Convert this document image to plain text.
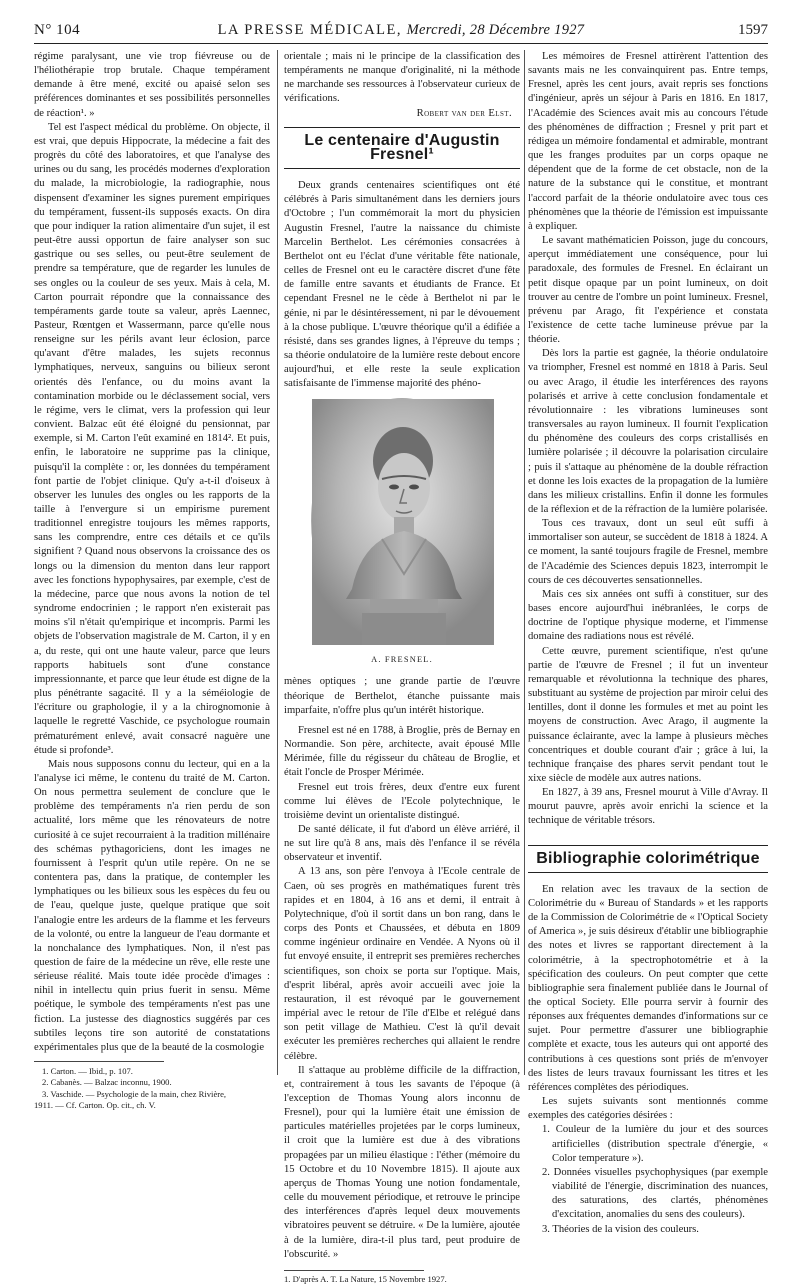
N° 104	LA PRESSE MÉDICALE, Mercredi, 28 Décembre 1927	1597

régime paralysant, une vie trop fiévreuse ou de l'héliothérapie trop brutale. Chaque tempérament demande à être mené, excité ou apaisé selon ses préférences dominantes et ses possibilités personnelles de réaction¹. »

Tel est l'aspect médical du problème. On objecte, il est vrai, que depuis Hippocrate, la médecine a fait des progrès du côté des laboratoires, et que l'analyse des urines ou du sang, les procédés modernes d'exploration du malade, la microbiologie, la radiographie, nous dispensent d'examiner les signes purement empiriques du tempérament, fussent-ils supposés exacts. On dira que pour indiquer la ration alimentaire d'un sujet, il est peut-être aussi opportun de faire analyser son suc gastrique ou ses selles, ou peut-être seulement de prendre sa température, que de regarder les lunules de ses ongles ou la couleur de ses yeux. Mais à cela, M. Carton pourrait répondre que la connaissance des tempéraments garde toute sa valeur, après Laennec, Pasteur, Rœntgen et Wassermann, parce qu'elle nous renseigne sur les périls avant leur éclosion, parce qu'avant d'être malades, les sujets reconnus lymphatiques, nerveux, sanguins ou bilieux seront orientés dès l'enfance, ou du moins avant la contamination morbide ou le déclassement social, vers le régime, vers le climat, vers la profession qui leur convient. Balzac eût été éloigné du pensionnat, par exemple, si M. Carton l'eût examiné en 1814². Et puis, enfin, le laboratoire ne supprime pas la clinique, puisqu'il la complète : or, les données du tempérament font partie de l'objet clinique. Qu'y a-t-il d'oiseux à observer les lunules des ongles ou les rapports de la taille à l'envergure si un empirisme purement traditionnel enregistre toujours les mêmes rapports, sans les comprendre, entre ces détails et ce qu'ils signifient ? Quand nous observons la croissance des os longs ou la dimension du menton dans leur rapport avec les fonctions hypophysaires, par exemple, c'est de la médecine, parce que nous avons la notion de tel syndrome endocrinien ; le rapport n'en existerait pas moins s'il n'était qu'empirique et incompris. Parmi les objets de l'observation magistrale de M. Carton, il y en a, du reste, qui ont une haute valeur, parce que leurs rapports habituels sont d'une constance impressionnante, et parce que leur étude est digne de la plus pénétrante sagacité. Il y a la séméiologie de l'écriture ou graphologie, il y a la chirognomonie à laquelle le regretté Vaschide, ce psychologue roumain prématurément enlevé, avait consacré naguère une étude si profonde³.

Mais nous supposons connu du lecteur, qui en a la l'analyse ici même, le contenu du traité de M. Carton. On nous permettra seulement de conclure que le problème des tempéraments n'a rien perdu de son actualité, lors même que les rénovateurs de notre curiosité à ce sujet recourraient à la tradition millénaire des schémas pythagoriciens, dont les images ne fournissent à l'esprit qu'un utile repère. On ne se contentera pas, dans la pratique, de contempler les lymphatiques ou les bilieux sous les espèces du feu ou de l'eau, quelque juste, quelque pratique que soit l'analogie entre les ardeurs de la flamme et les ferveurs de la volonté, ou entre la langueur de l'eau dormante et la nonchalance des lymphatiques. Non, il n'est pas question de faire de la médecine un rêve, elle reste une sérieuse réalité. Mais toute idée procède d'images : nihil in intellectu quin prius fuerit in sensu. Même poétique, le symbole des tempéraments n'est pas une fiction. La justesse des diagnostics suggérés par ces subtiles leçons tire son autorité de constatations expérimentales plus que de la beauté de la cosmologie

1. Carton. — Ibid., p. 107.
2. Cabanès. — Balzac inconnu, 1900.
3. Vaschide. — Psychologie de la main, chez Rivière,
1911. — Cf. Carton. Op. cit., ch. V.

orientale ; mais ni le principe de la classification des tempéraments ne manque d'originalité, ni la méthode ne marchande ses ressources à l'observateur curieux de vérifications.

Robert van der Elst.
Le centenaire d'Augustin Fresnel¹

Deux grands centenaires scientifiques ont été célébrés à Paris simultanément dans les derniers jours d'Octobre ; l'un commémorait la mort du physicien Augustin Fresnel, l'autre la naissance du chimiste Marcelin Berthelot. Les cérémonies consacrées à Berthelot ont eu l'éclat d'une véritable fête nationale, celles de Fresnel ont eu le caractère discret d'une fête de famille entre savants et étudiants de France. Et cependant Fresnel ne le cède à Berthelot ni par le génie, ni par le désintéressement, ni par le dévouement à la chose publique. L'œuvre théorique qu'il a édifiée a résisté, dans ses grandes lignes, à l'épreuve du temps ; sa théorie ondulatoire de la lumière reste debout encore aujourd'hui, et elle reste la seule explication satisfaisante de l'immense majorité des phéno-

A. FRESNEL.

mènes optiques ; une grande partie de l'œuvre théorique de Berthelot, étanche puissante mais imparfaite, n'offre plus qu'un intérêt historique.

Fresnel est né en 1788, à Broglie, près de Bernay en Normandie. Son père, architecte, avait épousé Mlle Mérimée, fille du régisseur du château de Broglie, et était l'oncle de Prosper Mérimée.

Fresnel eut trois frères, deux d'entre eux furent comme lui élèves de l'Ecole polytechnique, le troisième devint un orientaliste distingué.

De santé délicate, il fut d'abord un élève arriéré, il ne sut lire qu'à 8 ans, mais dès l'enfance il se révéla observateur et inventif.

A 13 ans, son père l'envoya à l'Ecole centrale de Caen, où ses progrès en mathématiques furent très rapides et en 1804, à 16 ans et demi, il entrait à Polytechnique, d'où il sortit dans un bon rang, dans le corps des Ponts et Chaussées, et débuta en 1809 comme ingénieur ordinaire en Vendée. A Nyons où il fut envoyé ensuite, il entreprit ses premières recherches scientifiques, son choix se porta sur l'optique. Mais, d'esprit libéral, après avoir accueili avec joie la restauration, il est révoqué par le gouvernement impérial avec le retour de l'île d'Elbe et relégué dans son petit village de Mathieu. C'est là qu'il devait exécuter les premières recherches qui allaient le rendre célèbre.

Il s'attaque au problème difficile de la diffraction, et, contrairement à tous les savants de l'époque (à l'exception de Thomas Young alors inconnu de Fresnel), pour qui la lumière était une émission de particules matérielles projetées par le corps lumineux, il croit que la lumière est due à des vibrations propagées par un milieu élastique : l'éther (mémoire du 15 Octobre et du 10 Novembre 1815). Il ajoute aux aperçus de Thomas Young une notion fondamentale, celle du mouvement périodique, et retrouve le principe des interférences d'après lequel deux mouvements vibratoires peuvent se détruire. « De la lumière, ajoutée à de la lumière, dira-t-il plus tard, peut produire de l'obscurité. »

1. D'après A. T. La Nature, 15 Novembre 1927.

Les mémoires de Fresnel attirèrent l'attention des savants mais ne les convainquirent pas. Entre temps, Fresnel, après les cent jours, avait repris ses fonctions d'ingénieur, après un séjour à Paris en 1816. En 1817, l'Académie des Sciences avait mis au concours l'étude des phénomènes de diffraction ; Fresnel y prit part et rédigea un mémoire fondamental et admirable, montrant que les franges produites par un corps opaque ne dépendent que de la forme de cet obstacle, non de la nature de la substance qui le constitue, et montrant l'accord parfait de la théorie ondulatoire avec tous ces phénomènes que la théorie de l'émission est impuissante à expliquer.

Le savant mathématicien Poisson, juge du concours, aperçut immédiatement une conséquence, pour lui paradoxale, des formules de Fresnel. En éclairant un petit disque opaque par un point lumineux, on doit trouver au centre de l'ombre un point lumineux. Fresnel, prévenu par Arago, fit l'expérience et constata l'existence de cette tache lumineuse prévue par la théorie.

Dès lors la partie est gagnée, la théorie ondulatoire va triompher, Fresnel est nommé en 1818 à Paris. Seul ou avec Arago, il étudie les interférences des rayons polarisés et arrive à cette conclusion fondamentale et révolutionnaire : les vibrations lumineuses sont transversales au rayon lumineux. Il fournit l'explication du phénomène des couleurs des corps cristallisés en lumière polarisée ; il découvre la polarisation circulaire ; puis il s'attaque au phénomène de la double réfraction et donne les lois exactes de la propagation de la lumière dans les milieux cristallins. Enfin il donne les formules de la réflexion et de la réfraction de la lumière polarisée.

Tous ces travaux, dont un seul eût suffi à immortaliser son auteur, se succèdent de 1818 à 1824. A ce moment, la santé toujours fragile de Fresnel, membre de l'Académie des Sciences depuis 1823, interrompit le cours de ces découvertes sensationnelles.

Mais ces six années ont suffi à constituer, sur des bases encore aujourd'hui inébranlées, le corps de doctrine de l'optique physique moderne, et l'immense domaine des radiations nous est révélé.

Cette œuvre, purement scientifique, n'est qu'une partie de l'œuvre de Fresnel ; il fut un inventeur remarquable et révolutionna la technique des phares, substituant au système de projection par miroir celui des lentilles, dont il donne les formules et met au point les moyens de construction. Avec Arago, il augmente la puissance éclairante, avec la lampe à plusieurs mèches concentriques et double courant d'air ; grâce à lui, la technique française des phares servit pendant tout le xixe siècle de modèle aux autres nations.

En 1827, à 39 ans, Fresnel mourut à Ville d'Avray. Il mourut pauvre, après avoir enrichi la science et la technique de véritable trésors.

Bibliographie colorimétrique

En relation avec les travaux de la section de Colorimétrie du « Bureau of Standards » et les rapports de la Commission de Colorimétrie de « l'Optical Society of America », je suis désireux d'établir une bibliographie des notes et livres se rapportant directement à la colorimétrie, à la spectrophotométrie et à la spécification des couleurs. On peut compter que cette bibliographie sera finalement publiée dans le Journal of the optical Society. Elle pourra servir à fournir des réponses aux fréquentes demandes d'informations sur ce sujet. Pour permettre d'assurer une bibliographie complète et exacte, tous les auteurs qui ont apporté des contributions à ces questions sont priés de m'envoyer des listes de leurs travaux fournissant les titres et les références complètes des périodiques.

Les sujets suivants sont mentionnés comme exemples des catégories désirées :

1. Couleur de la lumière du jour et des sources artificielles (distribution spectrale d'énergie, « Color temperature »).
2. Données visuelles psychophysiques (par exemple viabilité de l'énergie, discrimination des nuances, des saturations, des clartés, phénomènes d'excitation, anomalies du sens des couleurs).
3. Théories de la vision des couleurs.
